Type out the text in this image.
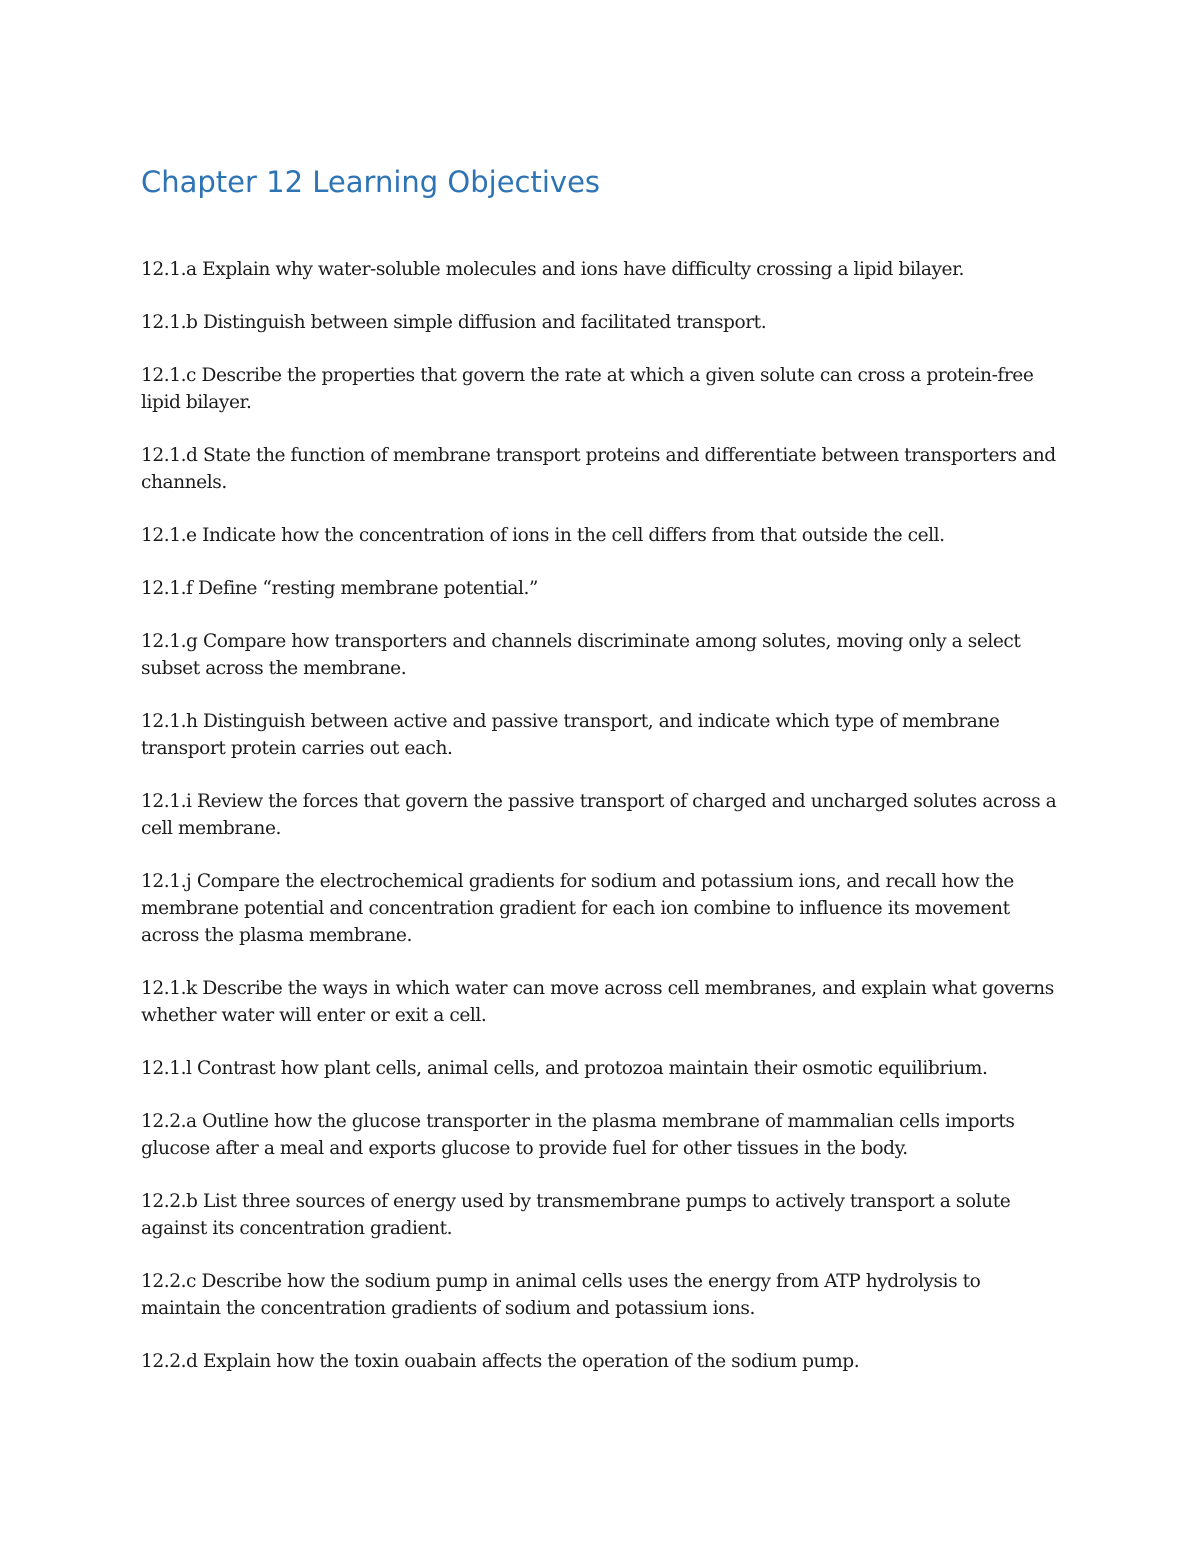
Chapter 12 Learning Objectives
12.1.a Explain why water-soluble molecules and ions have difficulty crossing a lipid bilayer.
12.1.b Distinguish between simple diffusion and facilitated transport.
12.1.c Describe the properties that govern the rate at which a given solute can cross a protein-free lipid bilayer.
12.1.d State the function of membrane transport proteins and differentiate between transporters and channels.
12.1.e Indicate how the concentration of ions in the cell differs from that outside the cell.
12.1.f Define “resting membrane potential.”
12.1.g Compare how transporters and channels discriminate among solutes, moving only a select subset across the membrane.
12.1.h Distinguish between active and passive transport, and indicate which type of membrane transport protein carries out each.
12.1.i Review the forces that govern the passive transport of charged and uncharged solutes across a cell membrane.
12.1.j Compare the electrochemical gradients for sodium and potassium ions, and recall how the membrane potential and concentration gradient for each ion combine to influence its movement across the plasma membrane.
12.1.k Describe the ways in which water can move across cell membranes, and explain what governs whether water will enter or exit a cell.
12.1.l Contrast how plant cells, animal cells, and protozoa maintain their osmotic equilibrium.
12.2.a Outline how the glucose transporter in the plasma membrane of mammalian cells imports glucose after a meal and exports glucose to provide fuel for other tissues in the body.
12.2.b List three sources of energy used by transmembrane pumps to actively transport a solute against its concentration gradient.
12.2.c Describe how the sodium pump in animal cells uses the energy from ATP hydrolysis to maintain the concentration gradients of sodium and potassium ions.
12.2.d Explain how the toxin ouabain affects the operation of the sodium pump.
